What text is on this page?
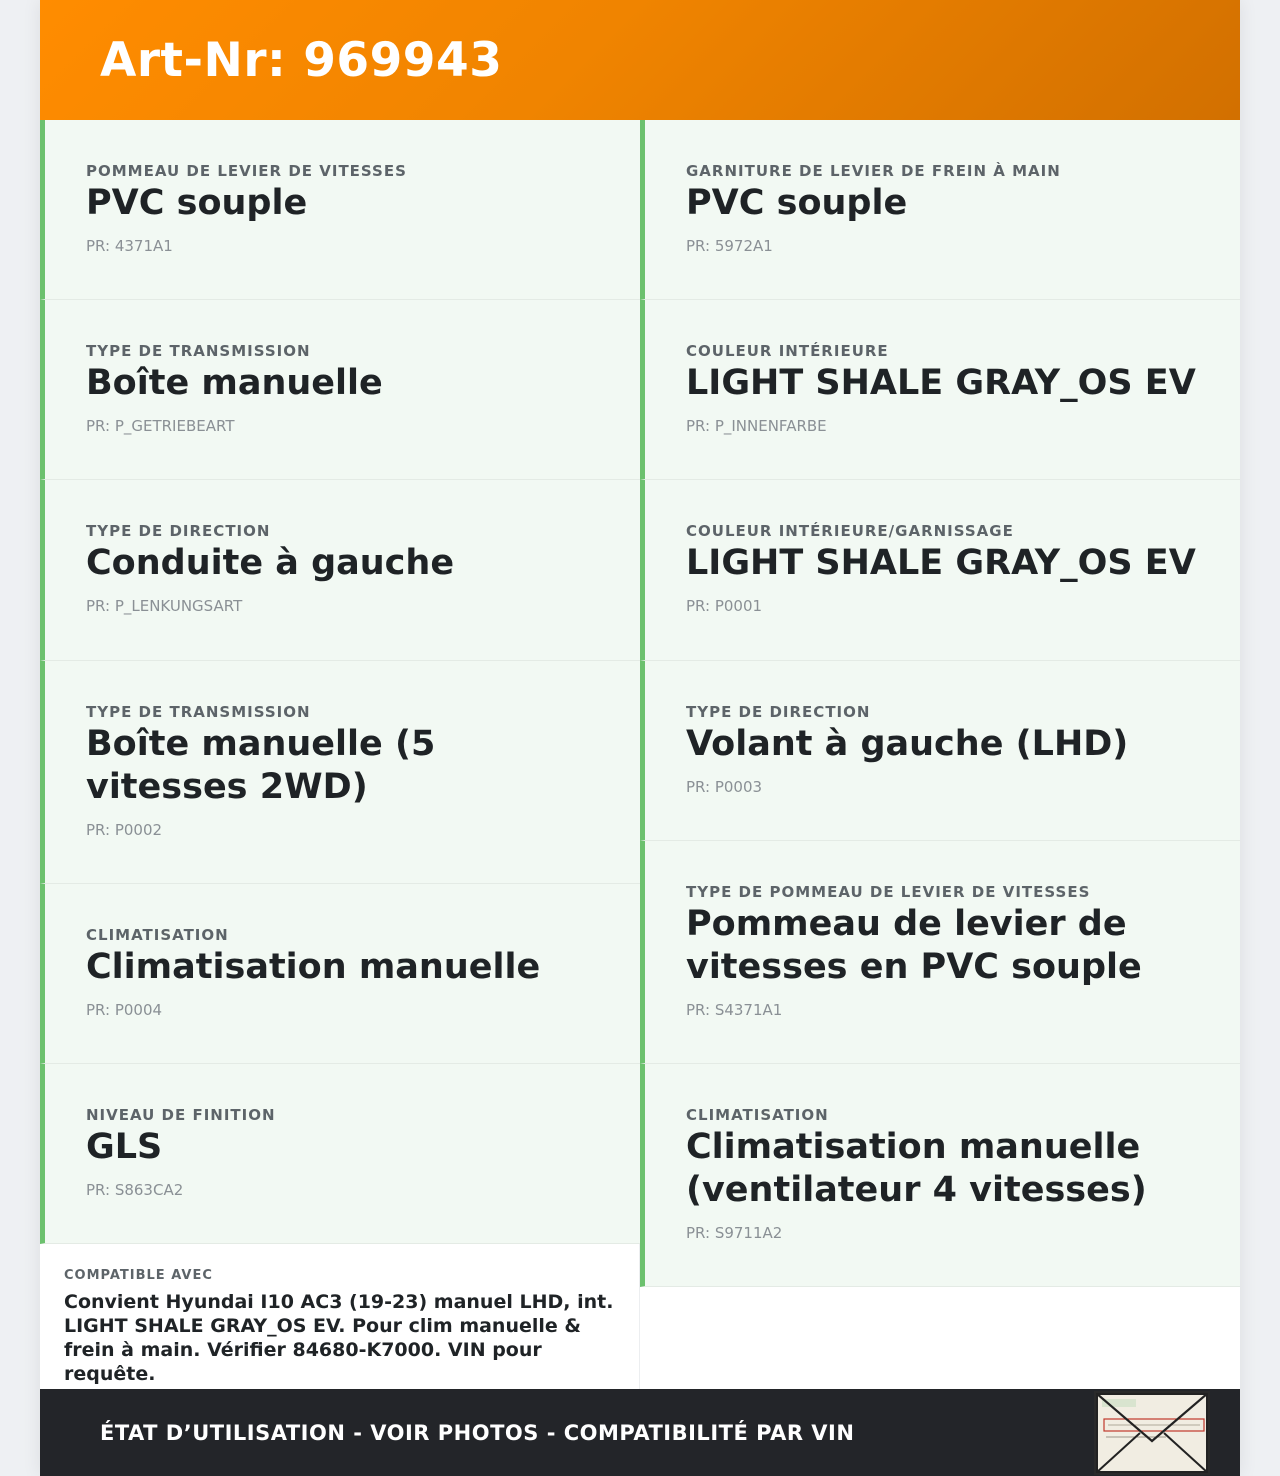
Art-Nr: 969943
POMMEAU DE LEVIER DE VITESSES
PVC souple
PR: 4371A1
TYPE DE TRANSMISSION
Boîte manuelle
PR: P_GETRIEBEART
TYPE DE DIRECTION
Conduite à gauche
PR: P_LENKUNGSART
TYPE DE TRANSMISSION
Boîte manuelle (5 vitesses 2WD)
PR: P0002
CLIMATISATION
Climatisation manuelle
PR: P0004
NIVEAU DE FINITION
GLS
PR: S863CA2
COMPATIBLE AVEC
Convient Hyundai I10 AC3 (19-23) manuel LHD, int. LIGHT SHALE GRAY_OS EV. Pour clim manuelle & frein à main. Vérifier 84680-K7000. VIN pour requête.
GARNITURE DE LEVIER DE FREIN À MAIN
PVC souple
PR: 5972A1
COULEUR INTÉRIEURE
LIGHT SHALE GRAY_OS EV
PR: P_INNENFARBE
COULEUR INTÉRIEURE/GARNISSAGE
LIGHT SHALE GRAY_OS EV
PR: P0001
TYPE DE DIRECTION
Volant à gauche (LHD)
PR: P0003
TYPE DE POMMEAU DE LEVIER DE VITESSES
Pommeau de levier de vitesses en PVC souple
PR: S4371A1
CLIMATISATION
Climatisation manuelle (ventilateur 4 vitesses)
PR: S9711A2
ÉTAT D’UTILISATION - VOIR PHOTOS - COMPATIBILITÉ PAR VIN
